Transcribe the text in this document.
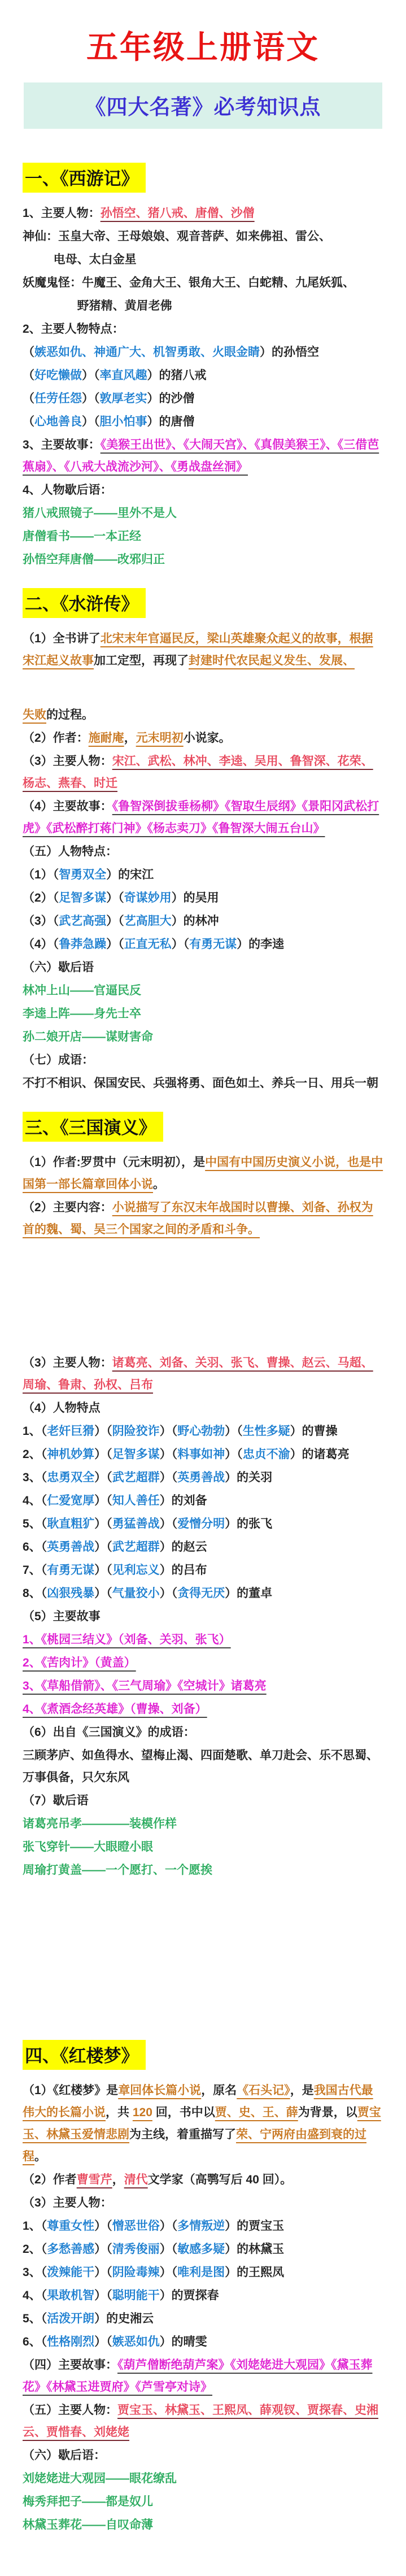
五年级上册语文
《四大名著》必考知识点
一、《西游记》

1、主要人物：孙悟空、猪八戒、唐僧、沙僧

神仙：玉皇大帝、王母娘娘、观音菩萨、如来佛祖、雷公、

电母、太白金星

妖魔鬼怪：牛魔王、金角大王、银角大王、白蛇精、九尾妖狐、

野猪精、黄眉老佛

2、主要人物特点：

（嫉恶如仇、神通广大、机智勇敢、火眼金睛）的孙悟空

（好吃懒做）（率直风趣）的猪八戒

（任劳任怨）（敦厚老实）的沙僧

（心地善良）（胆小怕事）的唐僧

3、主要故事：《美猴王出世》、《大闹天宫》、《真假美猴王》、《三借芭蕉扇》、《八戒大战流沙河》、《勇战盘丝洞》

4、人物歇后语：

猪八戒照镜子——里外不是人

唐僧看书——一本正经

孙悟空拜唐僧——改邪归正

二、《水浒传》

（1）全书讲了北宋末年官逼民反，梁山英雄聚众起义的故事，根据宋江起义故事加工定型，再现了封建时代农民起义发生、发展、

失败的过程。

（2）作者：施耐庵，元末明初小说家。

（3）主要人物：宋江、武松、林冲、李逵、吴用、鲁智深、花荣、杨志、燕春、时迁

（4）主要故事：《鲁智深倒拔垂杨柳》《智取生辰纲》《景阳冈武松打虎》《武松醉打蒋门神》《杨志卖刀》《鲁智深大闹五台山》

（五）人物特点：

（1）（智勇双全）的宋江

（2）（足智多谋）（奇谋妙用）的吴用

（3）（武艺高强）（艺高胆大）的林冲

（4）（鲁莽急躁）（正直无私）（有勇无谋）的李逵

（六）歇后语

林冲上山——官逼民反

李逵上阵——身先士卒

孙二娘开店——谋财害命

（七）成语：

不打不相识、保国安民、兵强将勇、面色如土、养兵一日、用兵一朝

三、《三国演义》

（1）作者:罗贯中（元末明初），是中国有中国历史演义小说，也是中国第一部长篇章回体小说。

（2）主要内容：小说描写了东汉末年战国时以曹操、刘备、孙权为首的魏、蜀、吴三个国家之间的矛盾和斗争。

（3）主要人物：诸葛亮、刘备、关羽、张飞、曹操、赵云、马超、周瑜、鲁肃、孙权、吕布

（4）人物特点

1、（老奸巨猾）（阴险狡诈）（野心勃勃）（生性多疑）的曹操

2、（神机妙算）（足智多谋）（料事如神）（忠贞不渝）的诸葛亮

3、（忠勇双全）（武艺超群）（英勇善战）的关羽

4、（仁爱宽厚）（知人善任）的刘备

5、（耿直粗犷）（勇猛善战）（爱憎分明）的张飞

6、（英勇善战）（武艺超群）的赵云

7、（有勇无谋）（见利忘义）的吕布

8、（凶狠残暴）（气量狡小）（贪得无厌）的董卓

（5）主要故事

1、《桃园三结义》（刘备、关羽、张飞）

2、《苦肉计》（黄盖）

3、《草船借箭》、《三气周瑜》《空城计》诸葛亮

4、《煮酒念经英雄》（曹操、刘备）

（6）出自《三国演义》的成语：

三顾茅庐、如鱼得水、望梅止渴、四面楚歌、单刀赴会、乐不思蜀、万事俱备，只欠东风

（7）歇后语

诸葛亮吊孝————装模作样

张飞穿针——大眼瞪小眼

周瑜打黄盖——一个愿打、一个愿挨

四、《红楼梦》

（1）《红楼梦》是章回体长篇小说，原名《石头记》，是我国古代最伟大的长篇小说，共 120 回，书中以贾、史、王、薛为背景，以贾宝玉、林黛玉爱情悲剧为主线，着重描写了荣、宁两府由盛到衰的过程。

（2）作者曹雪芹，清代文学家（高鹗写后 40 回）。

（3）主要人物：

1、（尊重女性）（憎恶世俗）（多情叛逆）的贾宝玉

2、（多愁善感）（清秀俊丽）（敏感多疑）的林黛玉

3、（泼辣能干）（阴险毒辣）（唯利是图）的王熙凤

4、（果敢机智）（聪明能干）的贾探春

5、（活泼开朗）的史湘云

6、（性格刚烈）（嫉恶如仇）的晴雯

（四）主要故事：《葫芦僧断绝葫芦案》《刘姥姥进大观园》《黛玉葬花》《林黛玉进贾府》《芦雪亭对诗》

（五）主要人物：贾宝玉、林黛玉、王熙凤、薛观钗、贾探春、史湘云、贾惜春、刘姥姥

（六）歇后语：

刘姥姥进大观园——眼花缭乱

梅秀拜把子——都是奴儿

林黛玉葬花——自叹命薄
